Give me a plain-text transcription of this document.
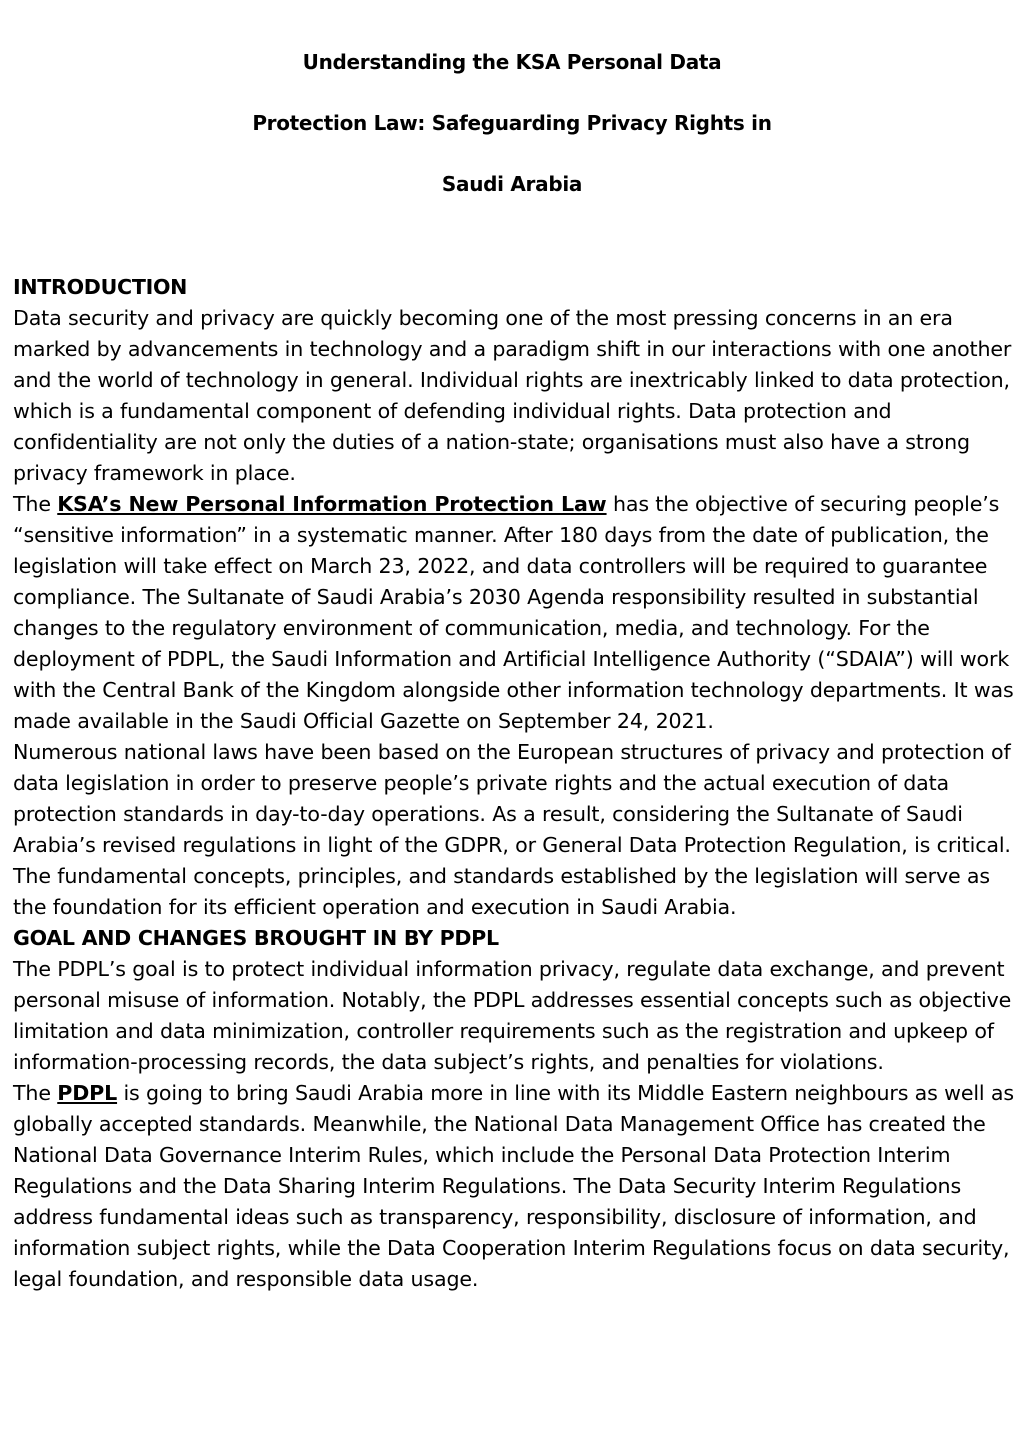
Understanding the KSA Personal Data
Protection Law: Safeguarding Privacy Rights in
Saudi Arabia

INTRODUCTION

Data security and privacy are quickly becoming one of the most pressing concerns in an era marked by advancements in technology and a paradigm shift in our interactions with one another and the world of technology in general. Individual rights are inextricably linked to data protection, which is a fundamental component of defending individual rights. Data protection and confidentiality are not only the duties of a nation-state; organisations must also have a strong privacy framework in place.

The KSA’s New Personal Information Protection Law has the objective of securing people’s “sensitive information” in a systematic manner. After 180 days from the date of publication, the legislation will take effect on March 23, 2022, and data controllers will be required to guarantee compliance. The Sultanate of Saudi Arabia’s 2030 Agenda responsibility resulted in substantial changes to the regulatory environment of communication, media, and technology. For the deployment of PDPL, the Saudi Information and Artificial Intelligence Authority (“SDAIA”) will work with the Central Bank of the Kingdom alongside other information technology departments. It was made available in the Saudi Official Gazette on September 24, 2021.

Numerous national laws have been based on the European structures of privacy and protection of data legislation in order to preserve people’s private rights and the actual execution of data protection standards in day-to-day operations. As a result, considering the Sultanate of Saudi Arabia’s revised regulations in light of the GDPR, or General Data Protection Regulation, is critical. The fundamental concepts, principles, and standards established by the legislation will serve as the foundation for its efficient operation and execution in Saudi Arabia.

GOAL AND CHANGES BROUGHT IN BY PDPL

The PDPL’s goal is to protect individual information privacy, regulate data exchange, and prevent personal misuse of information. Notably, the PDPL addresses essential concepts such as objective limitation and data minimization, controller requirements such as the registration and upkeep of information-processing records, the data subject’s rights, and penalties for violations.

The PDPL is going to bring Saudi Arabia more in line with its Middle Eastern neighbours as well as globally accepted standards. Meanwhile, the National Data Management Office has created the National Data Governance Interim Rules, which include the Personal Data Protection Interim Regulations and the Data Sharing Interim Regulations. The Data Security Interim Regulations address fundamental ideas such as transparency, responsibility, disclosure of information, and information subject rights, while the Data Cooperation Interim Regulations focus on data security, legal foundation, and responsible data usage.
